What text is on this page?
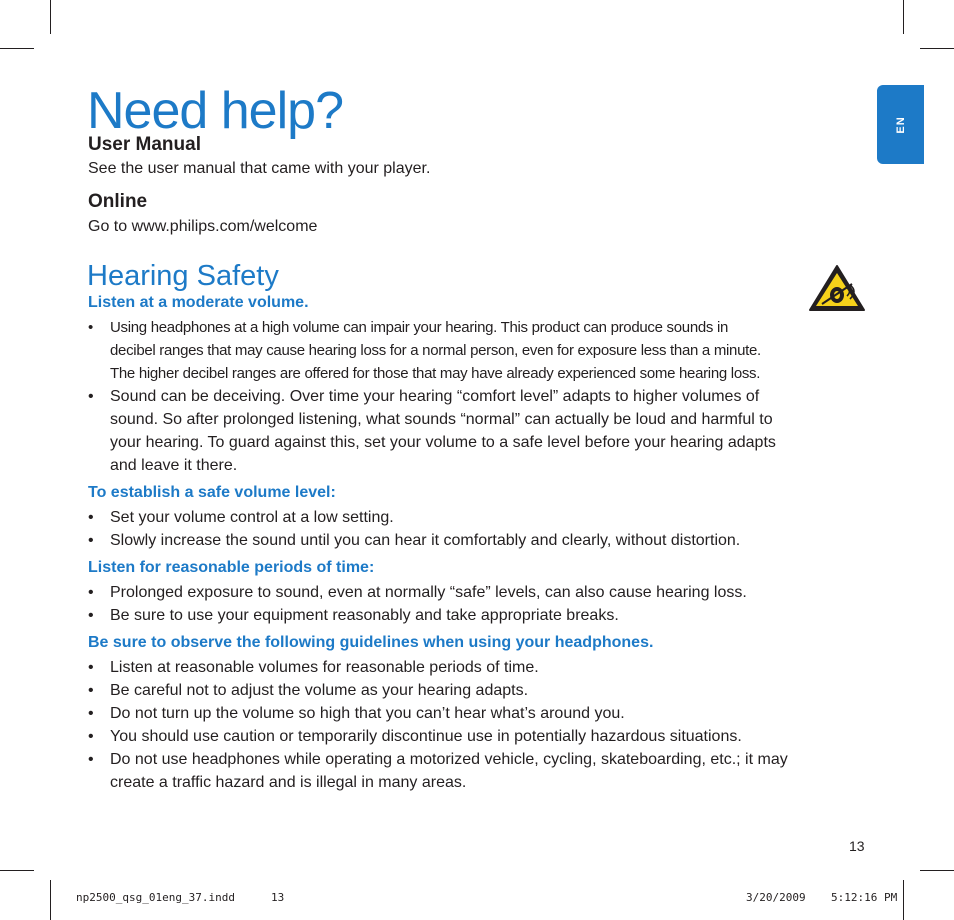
EN
Need help?
User Manual
See the user manual that came with your player.
Online
Go to www.philips.com/welcome
Hearing Safety
Listen at a moderate volume.
• Using headphones at a high volume can impair your hearing. This product can produce sounds in
decibel ranges that may cause hearing loss for a normal person, even for exposure less than a minute.
The higher decibel ranges are offered for those that may have already experienced some hearing loss.
• Sound can be deceiving. Over time your hearing “comfort level” adapts to higher volumes of
sound. So after prolonged listening, what sounds “normal” can actually be loud and harmful to
your hearing. To guard against this, set your volume to a safe level before your hearing adapts
and leave it there.
To establish a safe volume level:
• Set your volume control at a low setting.
• Slowly increase the sound until you can hear it comfortably and clearly, without distortion.
Listen for reasonable periods of time:
• Prolonged exposure to sound, even at normally “safe” levels, can also cause hearing loss.
• Be sure to use your equipment reasonably and take appropriate breaks.
Be sure to observe the following guidelines when using your headphones.
• Listen at reasonable volumes for reasonable periods of time.
• Be careful not to adjust the volume as your hearing adapts.
• Do not turn up the volume so high that you can’t hear what’s around you.
• You should use caution or temporarily discontinue use in potentially hazardous situations.
• Do not use headphones while operating a motorized vehicle, cycling, skateboarding, etc.; it may
create a traffic hazard and is illegal in many areas.
13
np2500_qsg_01eng_37.indd	13	3/20/2009 5:12:16 PM
